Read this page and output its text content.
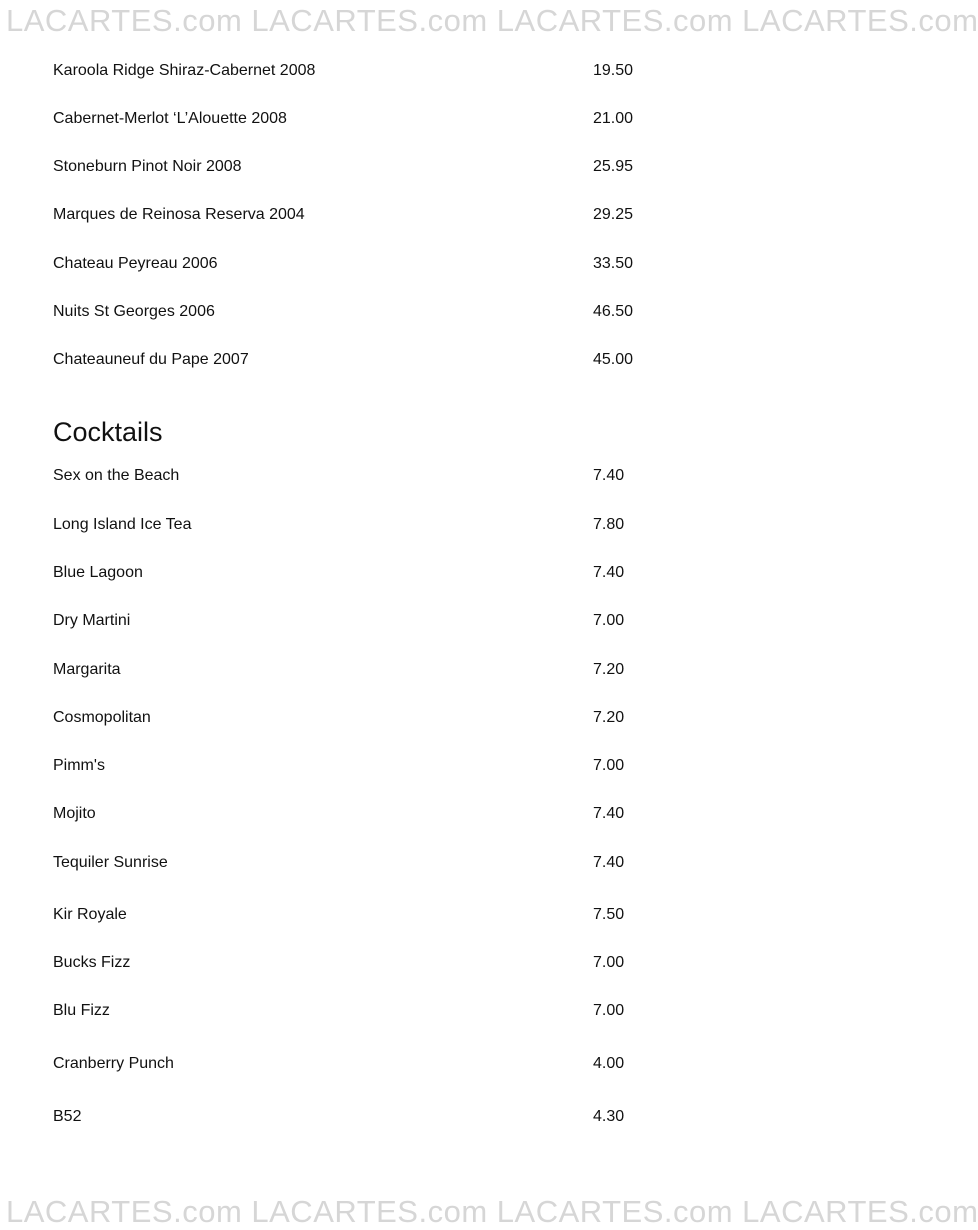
LACARTES.com LACARTES.com LACARTES.com LACARTES.com
Karoola Ridge Shiraz-Cabernet 2008	19.50
Cabernet-Merlot ‘L’Alouette 2008	21.00
Stoneburn Pinot Noir 2008	25.95
Marques de Reinosa Reserva 2004	29.25
Chateau Peyreau 2006	33.50
Nuits St Georges 2006	46.50
Chateauneuf du Pape 2007	45.00
Cocktails
Sex on the Beach	7.40
Long Island Ice Tea	7.80
Blue Lagoon	7.40
Dry Martini	7.00
Margarita	7.20
Cosmopolitan	7.20
Pimm's	7.00
Mojito	7.40
Tequiler Sunrise	7.40
Kir Royale	7.50
Bucks Fizz	7.00
Blu Fizz	7.00
Cranberry Punch	4.00
B52	4.30
LACARTES.com LACARTES.com LACARTES.com LACARTES.com
